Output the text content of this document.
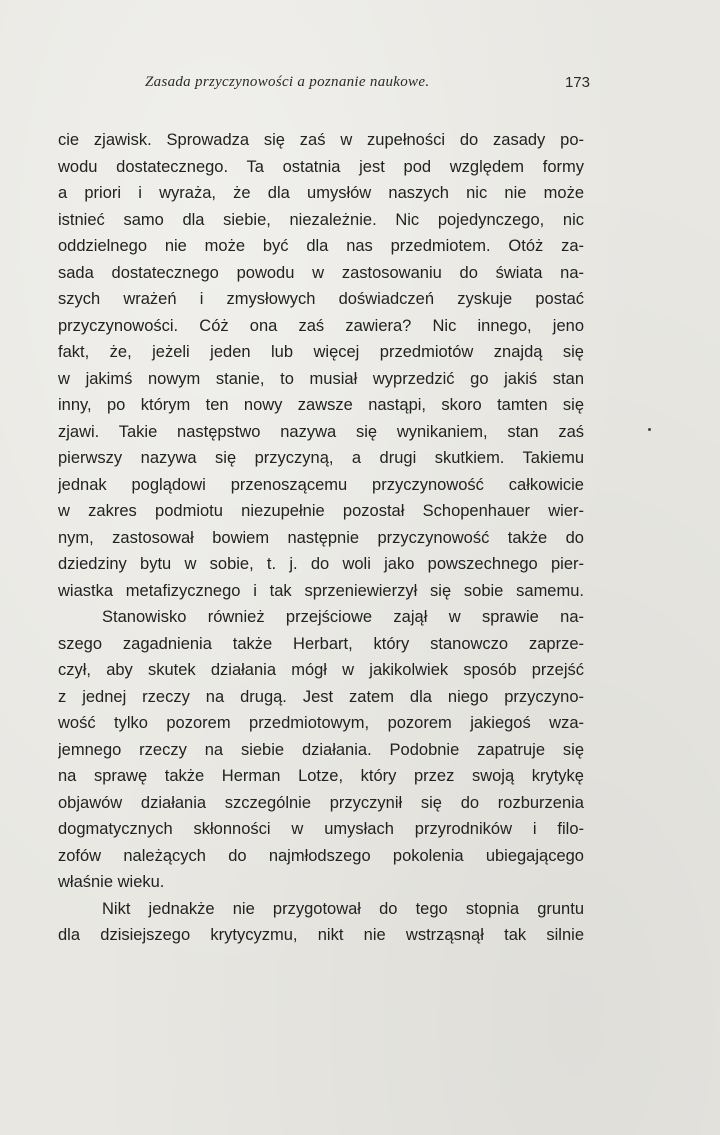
Zasada przyczynowości a poznanie naukowe.	173
cie zjawisk. Sprowadza się zaś w zupełności do zasady po-
wodu dostatecznego. Ta ostatnia jest pod względem formy
a priori i wyraża, że dla umysłów naszych nic nie może
istnieć samo dla siebie, niezależnie. Nic pojedynczego, nic
oddzielnego nie może być dla nas przedmiotem. Otóż za-
sada dostatecznego powodu w zastosowaniu do świata na-
szych wrażeń i zmysłowych doświadczeń zyskuje postać
przyczynowości. Cóż ona zaś zawiera? Nic innego, jeno
fakt, że, jeżeli jeden lub więcej przedmiotów znajdą się
w jakimś nowym stanie, to musiał wyprzedzić go jakiś stan
inny, po którym ten nowy zawsze nastąpi, skoro tamten się
zjawi. Takie następstwo nazywa się wynikaniem, stan zaś
pierwszy nazywa się przyczyną, a drugi skutkiem. Takiemu
jednak poglądowi przenoszącemu przyczynowość całkowicie
w zakres podmiotu niezupełnie pozostał Schopenhauer wier-
nym, zastosował bowiem następnie przyczynowość także do
dziedziny bytu w sobie, t. j. do woli jako powszechnego pier-
wiastka metafizycznego i tak sprzeniewierzył się sobie samemu.
Stanowisko również przejściowe zajął w sprawie na-
szego zagadnienia także Herbart, który stanowczo zaprze-
czył, aby skutek działania mógł w jakikolwiek sposób przejść
z jednej rzeczy na drugą. Jest zatem dla niego przyczyno-
wość tylko pozorem przedmiotowym, pozorem jakiegoś wza-
jemnego rzeczy na siebie działania. Podobnie zapatruje się
na sprawę także Herman Lotze, który przez swoją krytykę
objawów działania szczególnie przyczynił się do rozburzenia
dogmatycznych skłonności w umysłach przyrodników i filo-
zofów należących do najmłodszego pokolenia ubiegającego
właśnie wieku.
Nikt jednakże nie przygotował do tego stopnia gruntu
dla dzisiejszego krytycyzmu, nikt nie wstrząsnął tak silnie
